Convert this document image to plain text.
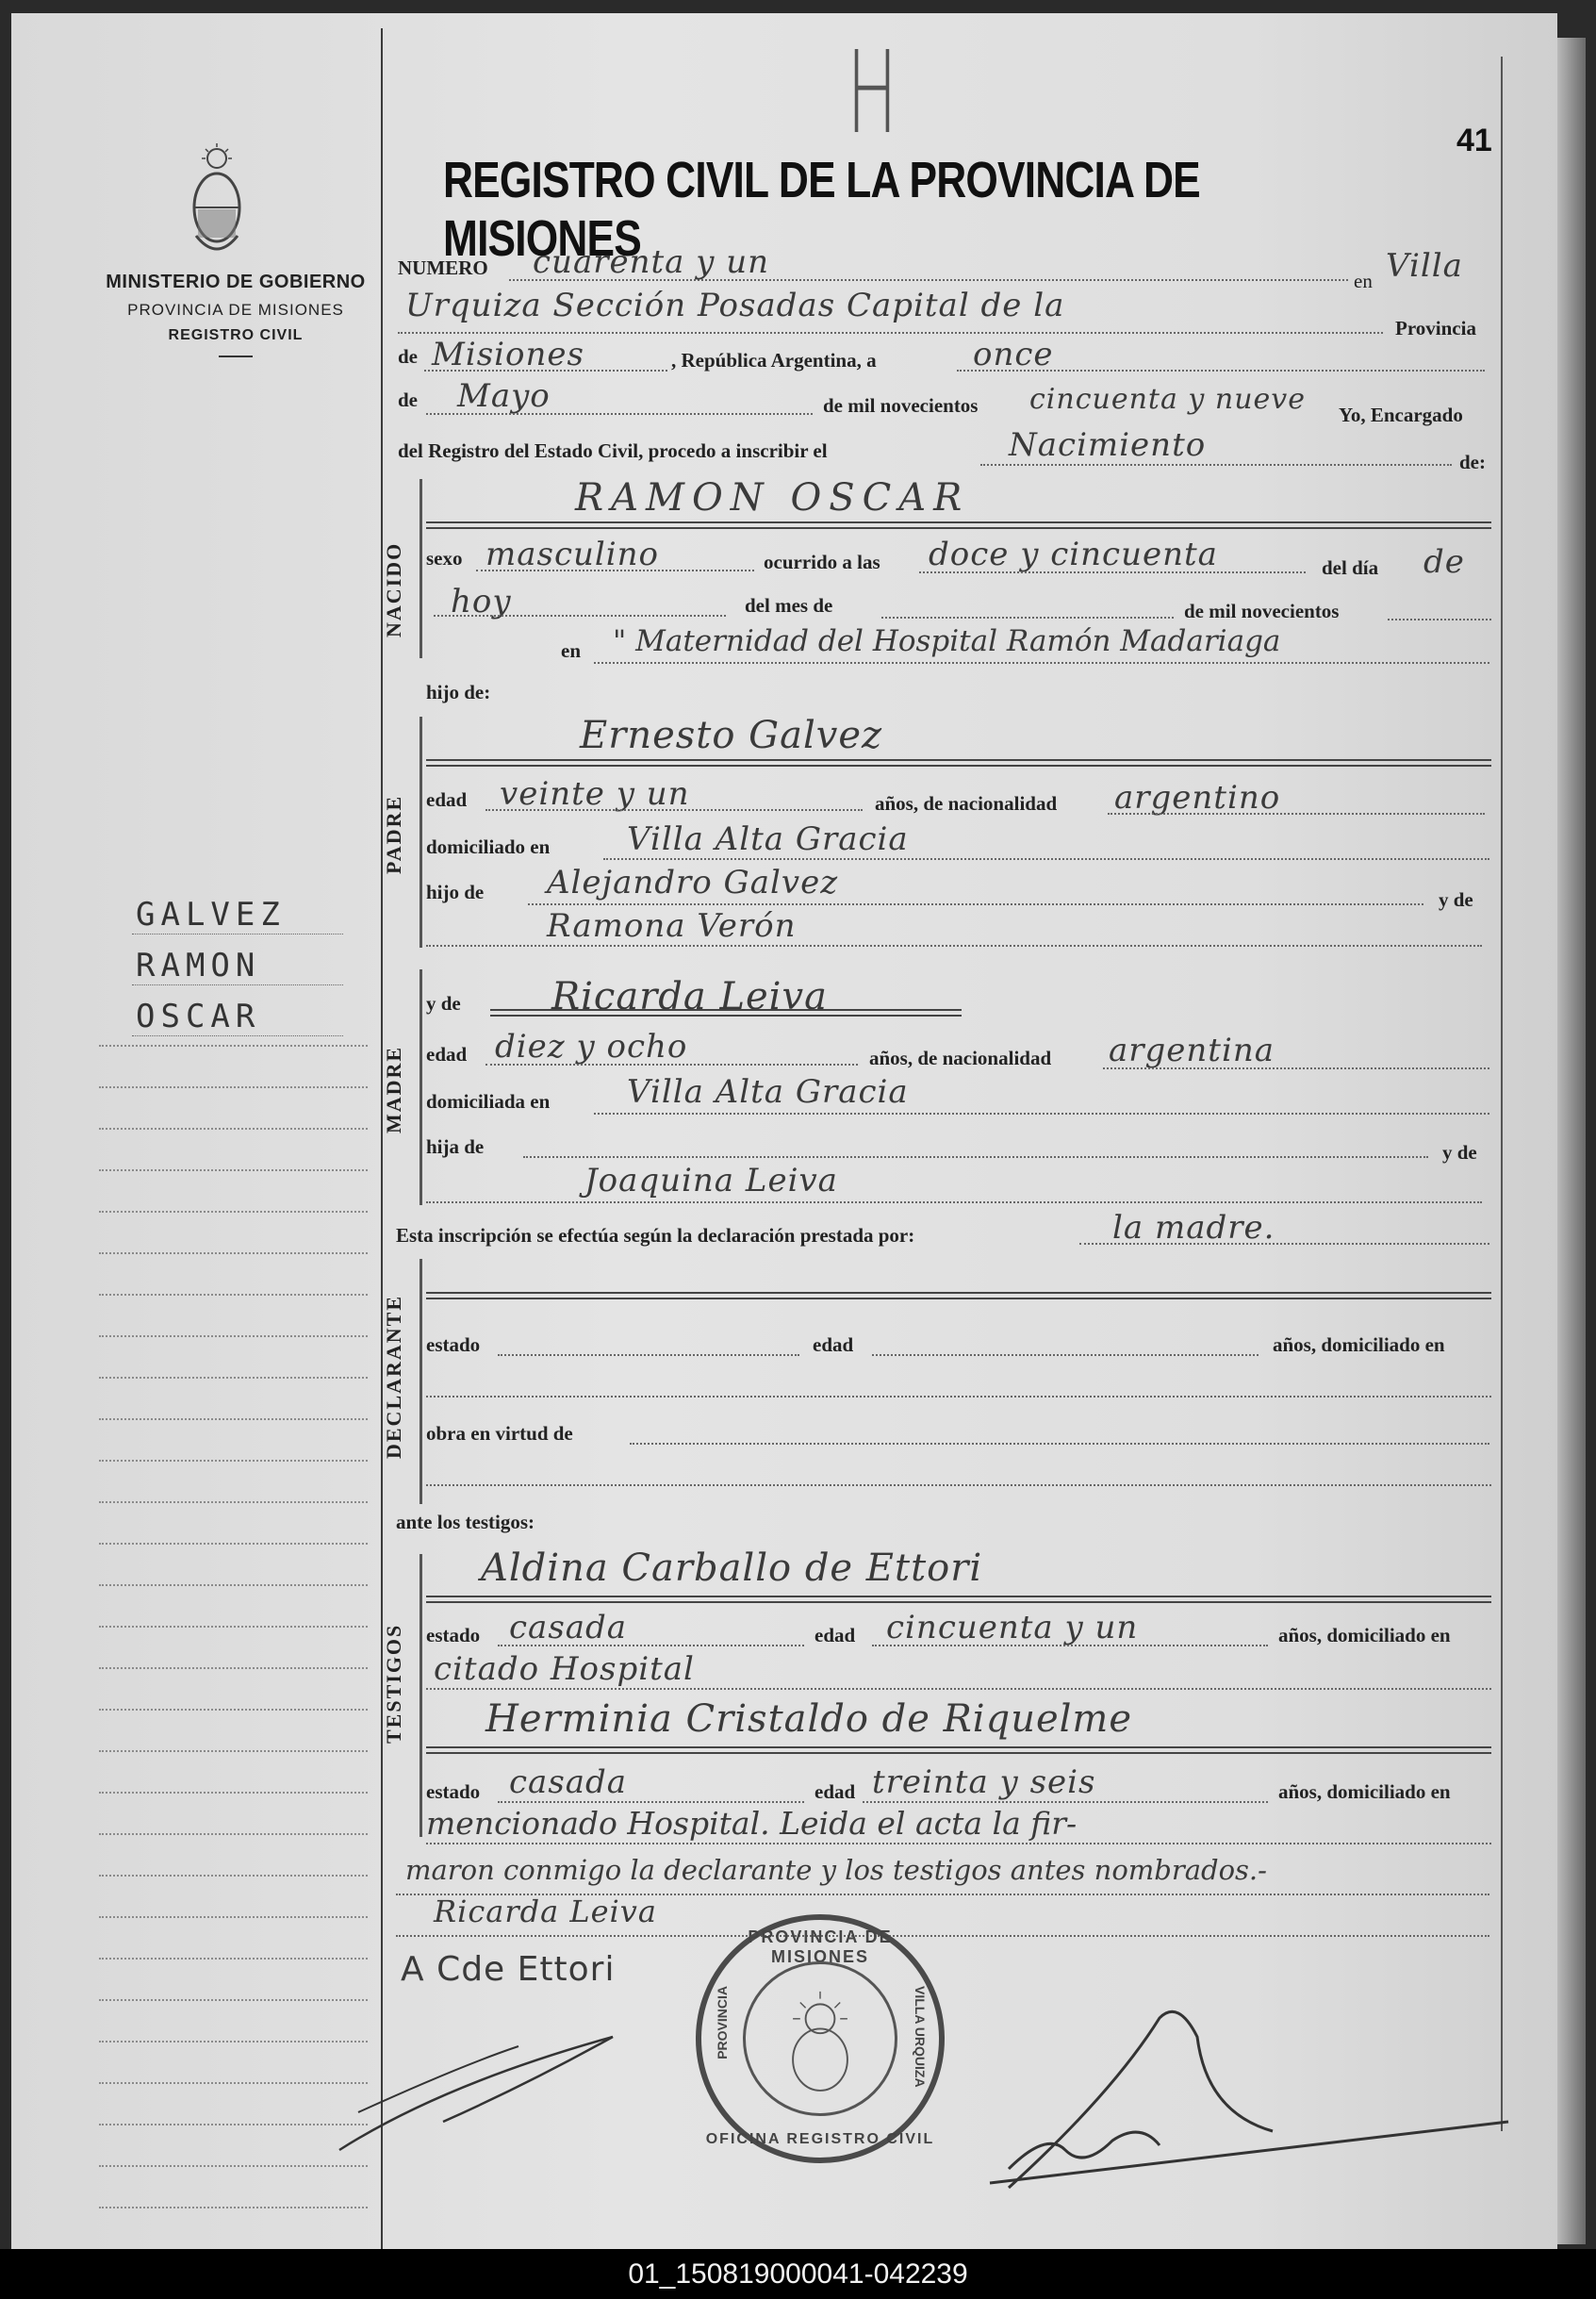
MINISTERIO DE GOBIERNO
PROVINCIA DE MISIONES
REGISTRO CIVIL
GALVEZ
RAMON
OSCAR
H
REGISTRO CIVIL DE LA PROVINCIA DE MISIONES
41
NUMERO cuarenta y un	en Villa
Urquiza Sección Posadas Capital de la
Provincia
de Misiones	, República Argentina, a	once
de Mayo	de mil novecientos cincuenta y nueve Yo, Encargado
del Registro del Estado Civil, procedo a inscribir el	Nacimiento	de:
NACIDO
RAMON OSCAR
sexo masculino	ocurrido a las doce y cincuenta	del día de
hoy	del mes de	de mil novecientos
en " Maternidad del Hospital Ramón Madariaga
hijo de:
PADRE
Ernesto Galvez
edad veinte y un	años, de nacionalidad argentino
domiciliado en Villa Alta Gracia
hijo de Alejandro Galvez	y de
Ramona Verón
MADRE
y de Ricarda Leiva
edad diez y ocho	años, de nacionalidad argentina
domiciliada en Villa Alta Gracia
hija de	y de
Joaquina Leiva
Esta inscripción se efectúa según la declaración prestada por:	la madre.
DECLARANTE	estado	edad	años, domiciliado en
obra en virtud de
ante los testigos:
TESTIGOS
Aldina Carballo de Ettori
estado casada	edad cincuenta y un	años, domiciliado en
citado Hospital
Herminia Cristaldo de Riquelme
estado casada	edad treinta y seis	años, domiciliado en
mencionado Hospital. Leida el acta la fir-
maron conmigo la declarante y los testigos antes nombrados.-
Ricarda Leiva
A Cde Ettori
PROVINCIA DE MISIONES
PROVINCIA	VILLA URQUIZA
OFICINA REGISTRO CIVIL
01_150819000041-042239
